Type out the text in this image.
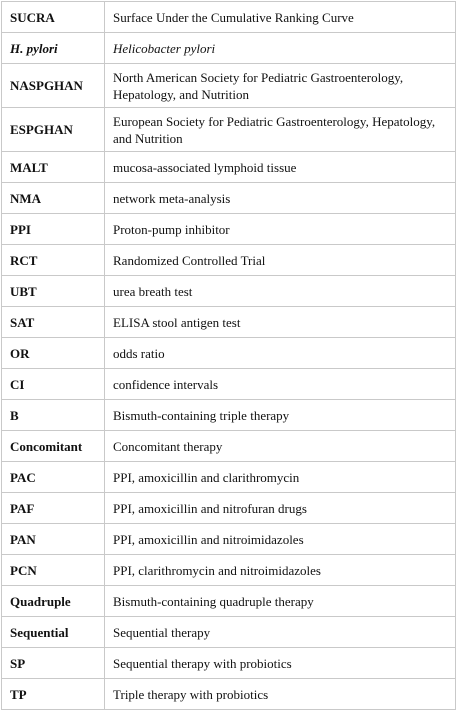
SUCRA	Surface Under the Cumulative Ranking Curve
H. pylori	Helicobacter pylori
NASPGHAN	North American Society for Pediatric Gastroenterology, Hepatology, and Nutrition
ESPGHAN	European Society for Pediatric Gastroenterology, Hepatology, and Nutrition
MALT	mucosa-associated lymphoid tissue
NMA	network meta-analysis
PPI	Proton-pump inhibitor
RCT	Randomized Controlled Trial
UBT	urea breath test
SAT	ELISA stool antigen test
OR	odds ratio
CI	confidence intervals
B	Bismuth-containing triple therapy
Concomitant	Concomitant therapy
PAC	PPI, amoxicillin and clarithromycin
PAF	PPI, amoxicillin and nitrofuran drugs
PAN	PPI, amoxicillin and nitroimidazoles
PCN	PPI, clarithromycin and nitroimidazoles
Quadruple	Bismuth-containing quadruple therapy
Sequential	Sequential therapy
SP	Sequential therapy with probiotics
TP	Triple therapy with probiotics
